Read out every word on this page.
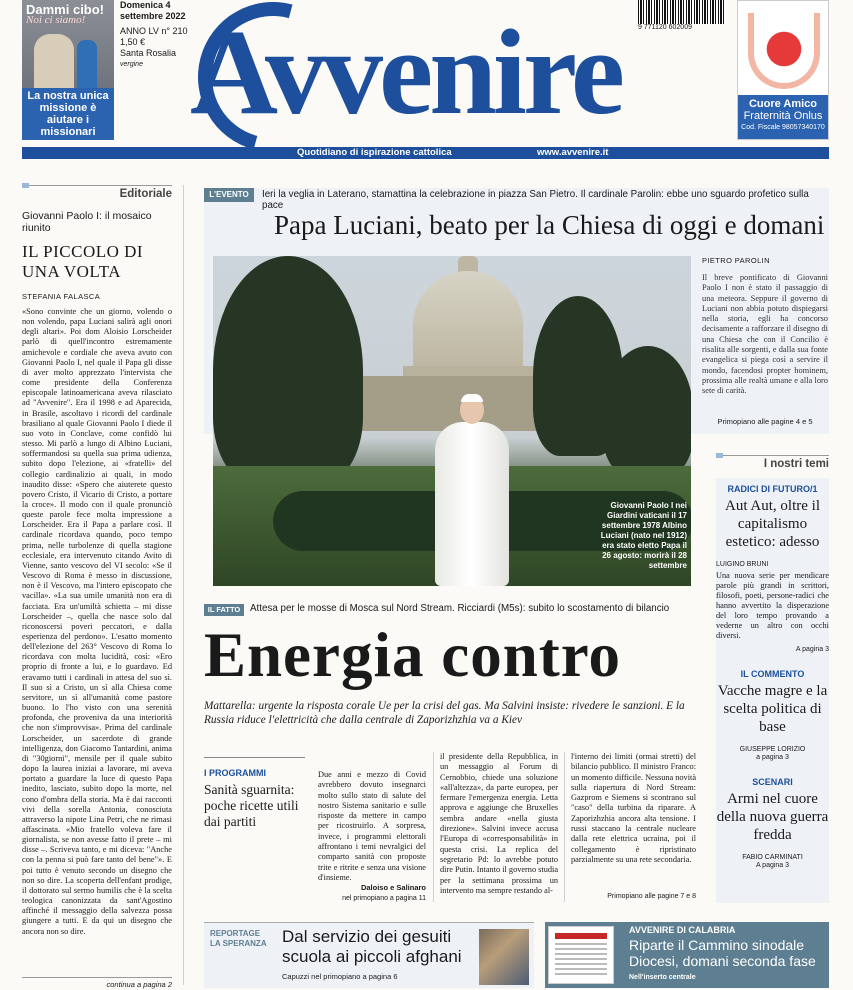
Dammi cibo!
Noi ci siamo!
La nostra unica missione è aiutare i missionari
Domenica 4 settembre 2022
ANNO LV n° 210
1,50 €
Santa Rosalia
vergine Avvenire 9 771120 602009
Cuore Amico
Fraternità Onlus
Cod. Fiscale 98057340170
Quotidiano di ispirazione cattolica	www.avvenire.it
Editoriale
Giovanni Paolo I: il mosaico riunito
IL PICCOLO DI UNA VOLTA
STEFANIA FALASCA
«Sono convinte che un giorno, volendo o non volendo, papa Luciani salirà agli onori degli altari». Poi dom Aloisio Lorscheider parlò di quell'incontro estremamente amichevole e cordiale che aveva avuto con Giovanni Paolo I, nel quale il Papa gli disse di aver molto apprezzato l'intervista che come presidente della Conferenza episcopale latinoamericana aveva rilasciato ad "Avvenire". Era il 1998 e ad Aparecida, in Brasile, ascoltavo i ricordi del cardinale brasiliano al quale Giovanni Paolo I diede il suo voto in Conclave, come confidò lui stesso. Mi parlò a lungo di Albino Luciani, soffermandosi su quella sua prima udienza, subito dopo l'elezione, ai «fratelli» del collegio cardinalizio ai quali, in modo inaudito disse: «Spero che aiuterete questo povero Cristo, il Vicario di Cristo, a portare la croce». Il modo con il quale pronunciò queste parole fece molta impressione a Lorscheider. Era il Papa a parlare così. Il cardinale ricordava quando, poco tempo prima, nelle turbolenze di quella stagione ecclesiale, era intervenuto citando Avito di Vienne, santo vescovo del VI secolo: «Se il Vescovo di Roma è messo in discussione, non è il Vescovo, ma l'intero episcopato che vacilla». «La sua umile umanità non era di facciata. Era un'umiltà schietta – mi disse Lorscheider –, quella che nasce solo dal riconoscersi poveri peccatori, e dalla esperienza del perdono». L'esatto momento dell'elezione del 263° Vescovo di Roma lo ricordava con molta lucidità, così: «Ero proprio di fronte a lui, e lo guardavo. Ed eravamo tutti i cardinali in attesa del suo sì. Il suo sì a Cristo, un sì alla Chiesa come servitore, un sì all'umanità come pastore buono. Io l'ho visto con una serenità profonda, che proveniva da una interiorità che non s'improvvisa». Prima del cardinale Lorscheider, un sacerdote di grande intelligenza, don Giacomo Tantardini, anima di "30giorni", mensile per il quale subito dopo la laurea iniziai a lavorare, mi aveva portato a guardare la luce di questo Papa inedito, lasciato, subito dopo la morte, nel cono d'ombra della storia. Ma è dai racconti vivi della sorella Antonia, conosciuta attraverso la nipote Lina Petri, che ne rimasi affascinata. «Mio fratello voleva fare il giornalista, se non avesse fatto il prete – mi disse –. Scriveva tanto, e mi diceva: "Anche con la penna si può fare tanto del bene"». E poi tutto è venuto secondo un disegno che non so dire. La scoperta dell'enfant prodige, il dottorato sul sermo humilis che è la scelta teologica canonizzata da sant'Agostino affinché il messaggio della salvezza possa giungere a tutti. E da qui un disegno che ancora non so dire.
continua a pagina 2
L'EVENTO	Ieri la veglia in Laterano, stamattina la celebrazione in piazza San Pietro. Il cardinale Parolin: ebbe uno sguardo profetico sulla pace
Papa Luciani, beato per la Chiesa di oggi e domani
Giovanni Paolo I nei Giardini vaticani il 17 settembre 1978 Albino Luciani (nato nel 1912) era stato eletto Papa il 26 agosto: morirà il 28 settembre
PIETRO PAROLIN
Il breve pontificato di Giovanni Paolo I non è stato il passaggio di una meteora. Seppure il governo di Luciani non abbia potuto dispiegarsi nella storia, egli ha concorso decisamente a rafforzare il disegno di una Chiesa che con il Concilio è risalita alle sorgenti, e dalla sua fonte evangelica si piega così a servire il mondo, facendosi propter hominem, prossima alle realtà umane e alla loro sete di carità.
Primopiano alle pagine 4 e 5
I nostri temi
RADICI DI FUTURO/1
Aut Aut, oltre il capitalismo estetico: adesso
LUIGINO BRUNI
Una nuova serie per mendicare parole più grandi in scrittori, filosofi, poeti, persone-radici che hanno avvertito la disperazione del loro tempo provando a vederne un altro con occhi diversi.
A pagina 3
IL COMMENTO
Vacche magre e la scelta politica di base
GIUSEPPE LORIZIO
a pagina 3
SCENARI
Armi nel cuore della nuova guerra fredda
FABIO CARMINATI
A pagina 3
IL FATTO Attesa per le mosse di Mosca sul Nord Stream. Ricciardi (M5s): subito lo scostamento di bilancio
Energia contro
Mattarella: urgente la risposta corale Ue per la crisi del gas. Ma Salvini insiste: rivedere le sanzioni. E la Russia riduce l'elettricità che dalla centrale di Zaporizhzhia va a Kiev
I PROGRAMMI
Sanità sguarnita: poche ricette utili dai partiti
Due anni e mezzo di Covid avrebbero dovuto insegnarci molto sullo stato di salute del nostro Sistema sanitario e sulle risposte da mettere in campo per ricostruirlo. A sorpresa, invece, i programmi elettorali affrontano i temi nevralgici del comparto sanità con proposte trite e ritrite e senza una visione d'insieme.
Daloiso e Salinaro
nel primopiano a pagina 11
il presidente della Repubblica, in un messaggio al Forum di Cernobbio, chiede una soluzione «all'altezza», da parte europea, per fermare l'emergenza energia. Letta approva e aggiunge che Bruxelles sembra andare «nella giusta direzione». Salvini invece accusa l'Europa di «corresponsabilità» in questa crisi. La replica del segretario Pd: lo avrebbe potuto dire Putin. Intanto il governo studia per la settimana prossima un intervento ma sempre restando al-
l'interno dei limiti (ormai stretti) del bilancio pubblico. Il ministro Franco: un momento difficile. Nessuna novità sulla riapertura di Nord Stream: Gazprom e Siemens si scontrano sul "caso" della turbina da riparare. A Zaporizhzhia ancora alta tensione. I russi staccano la centrale nucleare dalla rete elettrica ucraina, poi il collegamento è ripristinato parzialmente su una rete secondaria.
Primopiano alle pagine 7 e 8
REPORTAGE LA SPERANZA Dal servizio dei gesuiti scuola ai piccoli afghani
Capuzzi nel primopiano a pagina 6
AVVENIRE DI CALABRIA
Riparte il Cammino sinodale
Diocesi, domani seconda fase
Nell'inserto centrale
